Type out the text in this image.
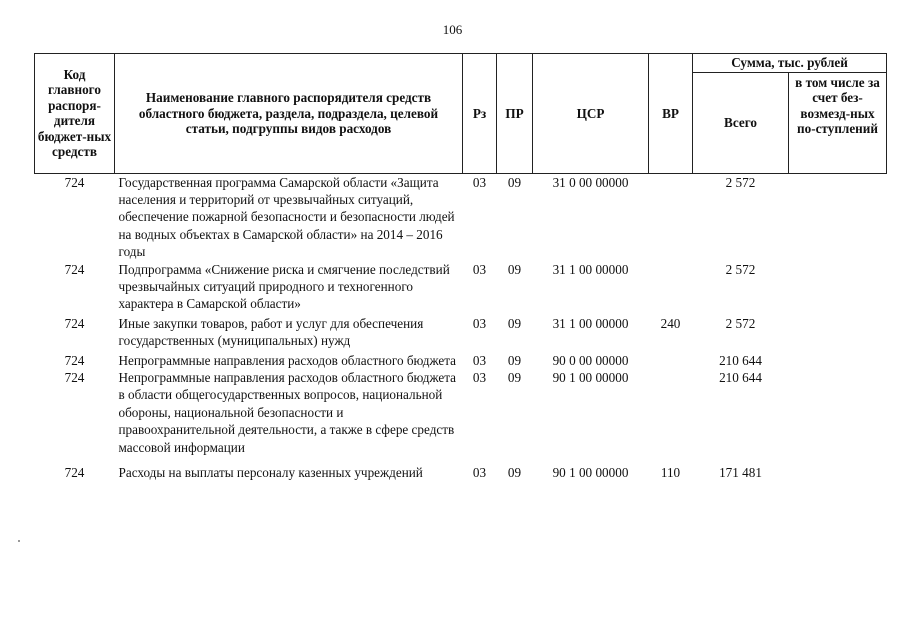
106
Код главного распоря-дителя бюджет-ных средств	Наименование главного распорядителя средств областного бюджета, раздела, подраздела, целевой статьи, подгруппы видов расходов	Рз	ПР	ЦСР	ВР	Сумма, тыс. рублей	
						Всего	в том числе за счет без-возмезд-ных по-ступлений
724	Государственная программа Самарской области «Защита населения и территорий от чрезвычайных ситуаций, обеспечение пожарной безопасности и безопасности людей на водных объектах в Самарской области» на 2014 – 2016 годы	03	09	31 0 00 00000		2 572	
724	Подпрограмма «Снижение риска и смягчение последствий чрезвычайных ситуаций природного и техногенного характера в Самарской области»	03	09	31 1 00 00000		2 572	
724	Иные закупки товаров, работ и услуг для обеспечения государственных (муниципальных) нужд	03	09	31 1 00 00000	240	2 572	
724	Непрограммные направления расходов областного бюджета	03	09	90 0 00 00000		210 644	
724	Непрограммные направления расходов областного бюджета в области общегосударственных вопросов, национальной обороны, национальной безопасности и правоохранительной деятельности, а также в сфере средств массовой информации	03	09	90 1 00 00000		210 644	
724	Расходы на выплаты персоналу казенных учреждений	03	09	90 1 00 00000	110	171 481	
